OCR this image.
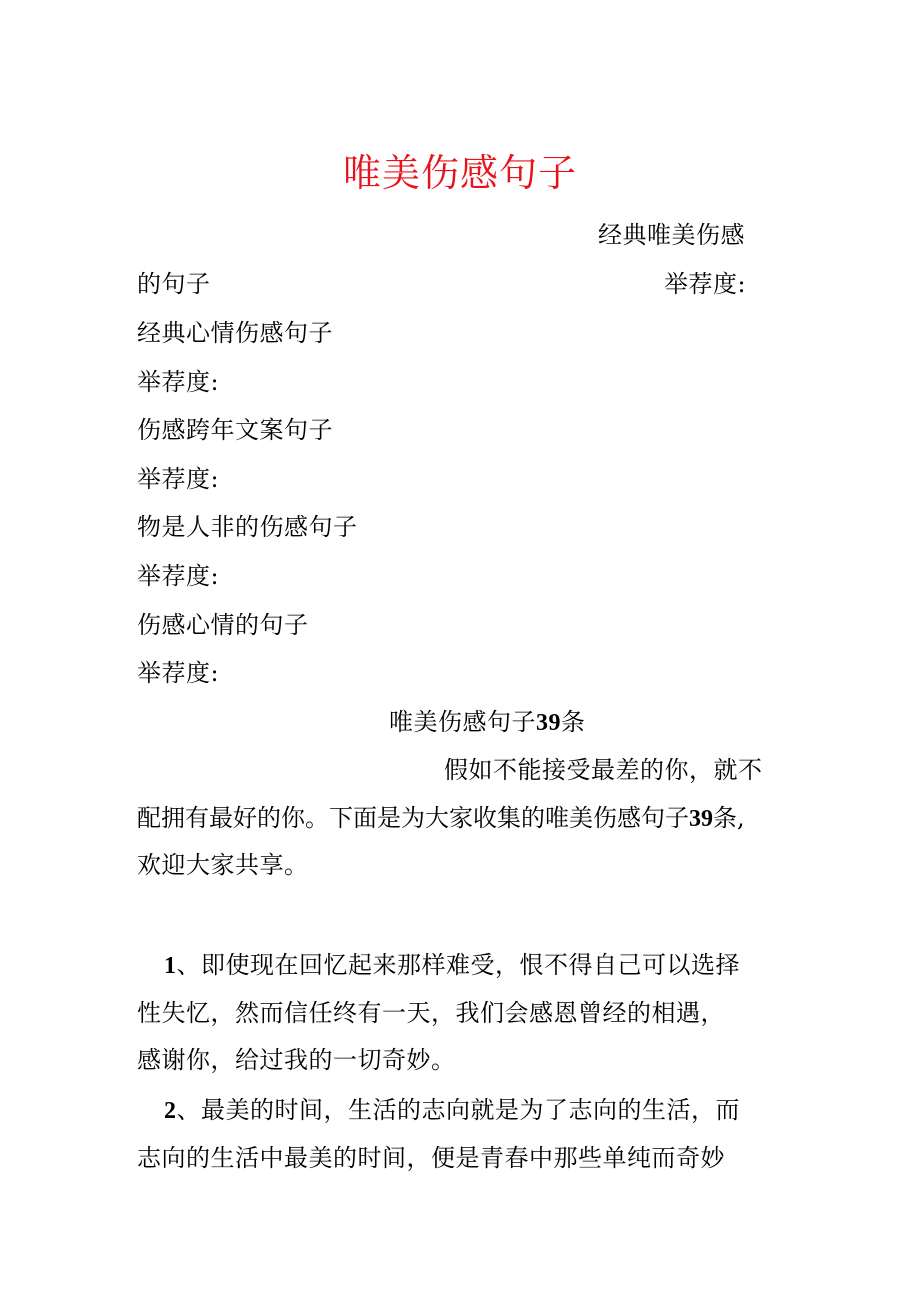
唯美伤感句子
经典唯美伤感
的句子	举荐度:
经典心情伤感句子
举荐度:
伤感跨年文案句子
举荐度:
物是人非的伤感句子
举荐度:
伤感心情的句子
举荐度:
唯美伤感句子39条
假如不能接受最差的你，就不
配拥有最好的你。下面是为大家收集的唯美伤感句子39条,
欢迎大家共享。
1、即使现在回忆起来那样难受，恨不得自己可以选择
性失忆，然而信任终有一天，我们会感恩曾经的相遇，
感谢你，给过我的一切奇妙。
2、最美的时间，生活的志向就是为了志向的生活，而
志向的生活中最美的时间，便是青春中那些单纯而奇妙
